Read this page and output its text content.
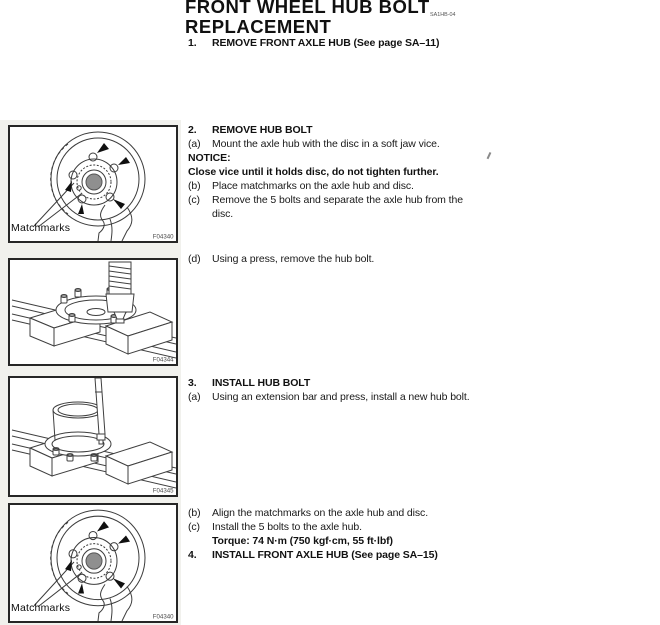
FRONT WHEEL HUB BOLT
REPLACEMENT
SA1HB-04
1.	REMOVE FRONT AXLE HUB (See page SA–11)
2.	REMOVE HUB BOLT
(a)	Mount the axle hub with the disc in a soft jaw vice.
NOTICE:
Close vice until it holds disc, do not tighten further.
(b)	Place matchmarks on the axle hub and disc.
(c)	Remove the 5 bolts and separate the axle hub from the
disc.
(d)	Using a press, remove the hub bolt.
3.	INSTALL HUB BOLT
(a)	Using an extension bar and press, install a new hub bolt.
(b)	Align the matchmarks on the axle hub and disc.
(c)	Install the 5 bolts to the axle hub.
Torque: 74 N·m (750 kgf·cm, 55 ft·lbf)
4.	INSTALL FRONT AXLE HUB (See page SA–15)
Matchmarks
F04340
F04344
F04345
Matchmarks
F04340
